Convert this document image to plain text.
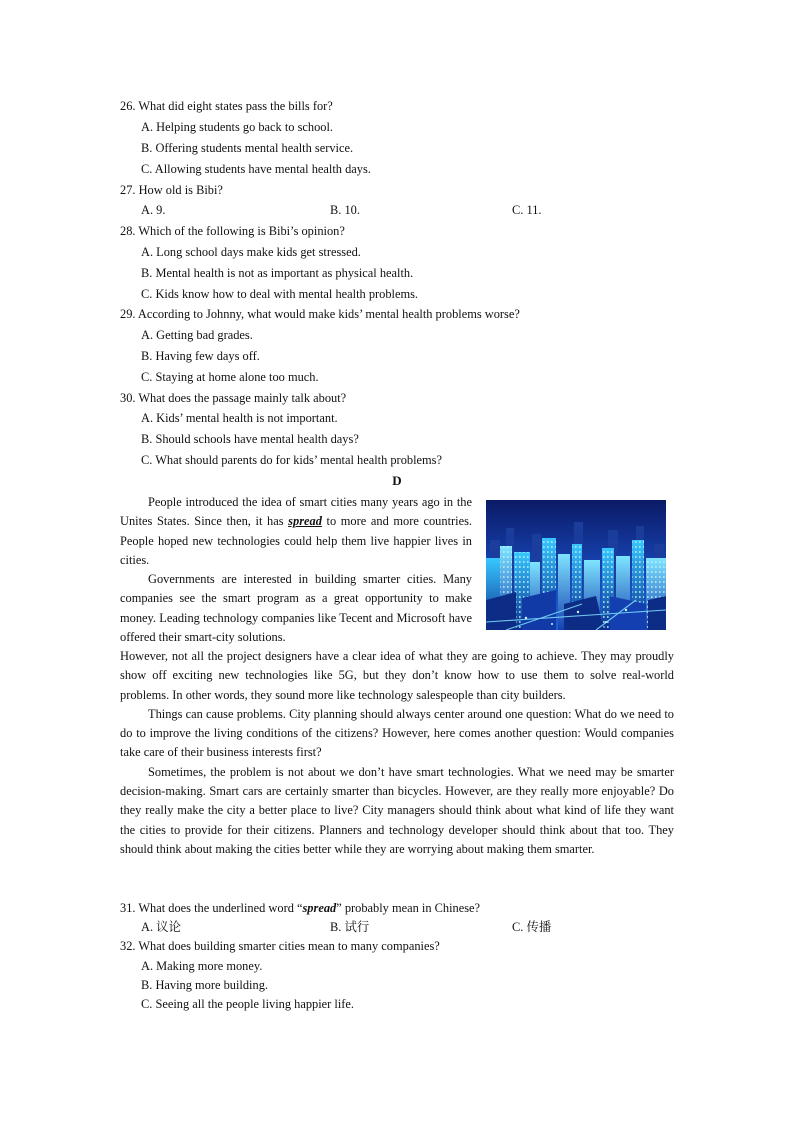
26. What did eight states pass the bills for?
A. Helping students go back to school.
B. Offering students mental health service.
C. Allowing students have mental health days.
27. How old is Bibi?
A. 9.	B. 10.	C. 11.
28. Which of the following is Bibi’s opinion?
A. Long school days make kids get stressed.
B. Mental health is not as important as physical health.
C. Kids know how to deal with mental health problems.
29. According to Johnny, what would make kids’ mental health problems worse?
A. Getting bad grades.
B. Having few days off.
C. Staying at home alone too much.
30. What does the passage mainly talk about?
A. Kids’ mental health is not important.
B. Should schools have mental health days?
C. What should parents do for kids’ mental health problems?
D

People introduced the idea of smart cities many years ago in the Unites States. Since then, it has spread to more and more countries. People hoped new technologies could help them live happier lives in cities.

Governments are interested in building smarter cities. Many companies see the smart program as a great opportunity to make money. Leading technology companies like Tecent and Microsoft have offered their smart-city solutions.

However, not all the project designers have a clear idea of what they are going to achieve. They may proudly show off exciting new technologies like 5G, but they don’t know how to use them to solve real-world problems. In other words, they sound more like technology salespeople than city builders.

Things can cause problems. City planning should always center around one question: What do we need to do to improve the living conditions of the citizens? However, here comes another question: Would companies take care of their business interests first?

Sometimes, the problem is not about we don’t have smart technologies. What we need may be smarter decision-making. Smart cars are certainly smarter than bicycles. However, are they really more enjoyable? Do they really make the city a better place to live? City managers should think about what kind of life they want the cities to provide for their citizens. Planners and technology developer should think about that too. They should think about making the cities better while they are worrying about making them smarter.

31. What does the underlined word “spread” probably mean in Chinese?
A. 议论	B. 试行	C. 传播
32. What does building smarter cities mean to many companies?
A. Making more money.
B. Having more building.
C. Seeing all the people living happier life.
